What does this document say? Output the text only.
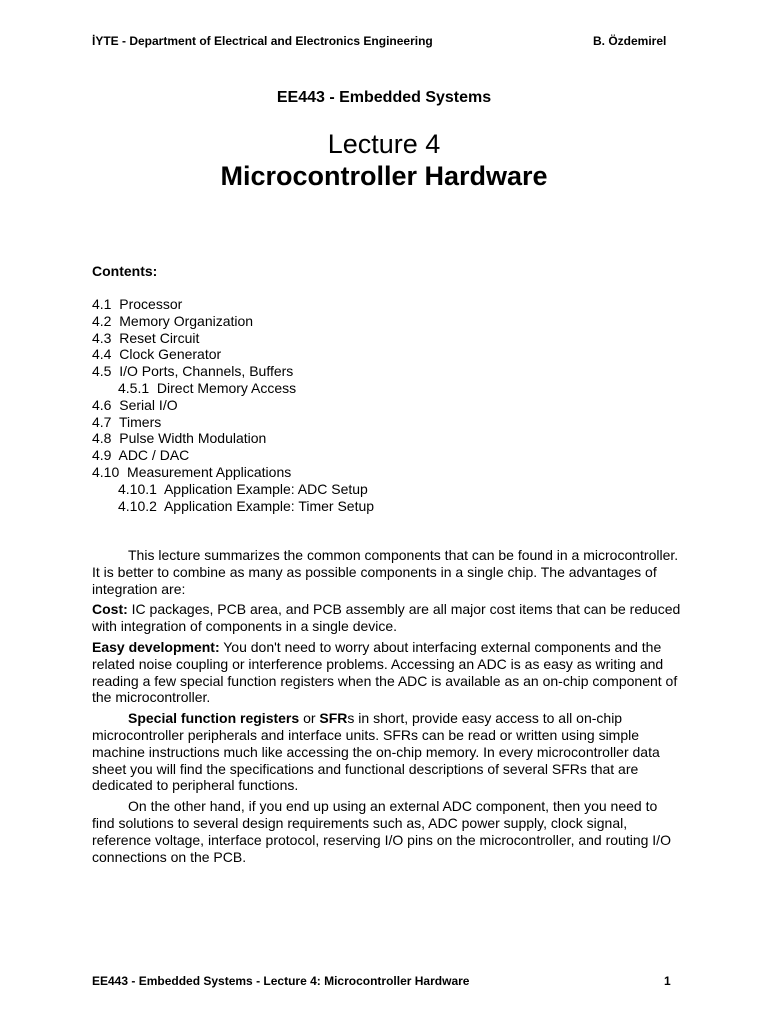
İYTE - Department of Electrical and Electronics Engineering	B. Özdemirel
EE443 - Embedded Systems
Lecture 4
Microcontroller Hardware
Contents:
4.1 Processor
4.2 Memory Organization
4.3 Reset Circuit
4.4 Clock Generator
4.5 I/O Ports, Channels, Buffers
4.5.1 Direct Memory Access
4.6 Serial I/O
4.7 Timers
4.8 Pulse Width Modulation
4.9 ADC / DAC
4.10 Measurement Applications
4.10.1 Application Example: ADC Setup
4.10.2 Application Example: Timer Setup

This lecture summarizes the common components that can be found in a microcontroller. It is better to combine as many as possible components in a single chip. The advantages of integration are:

Cost: IC packages, PCB area, and PCB assembly are all major cost items that can be reduced with integration of components in a single device.

Easy development: You don't need to worry about interfacing external components and the related noise coupling or interference problems. Accessing an ADC is as easy as writing and reading a few special function registers when the ADC is available as an on-chip component of the microcontroller.

Special function registers or SFRs in short, provide easy access to all on-chip microcontroller peripherals and interface units. SFRs can be read or written using simple machine instructions much like accessing the on-chip memory. In every microcontroller data sheet you will find the specifications and functional descriptions of several SFRs that are dedicated to peripheral functions.

On the other hand, if you end up using an external ADC component, then you need to find solutions to several design requirements such as, ADC power supply, clock signal, reference voltage, interface protocol, reserving I/O pins on the microcontroller, and routing I/O connections on the PCB.

EE443 - Embedded Systems - Lecture 4: Microcontroller Hardware	1
